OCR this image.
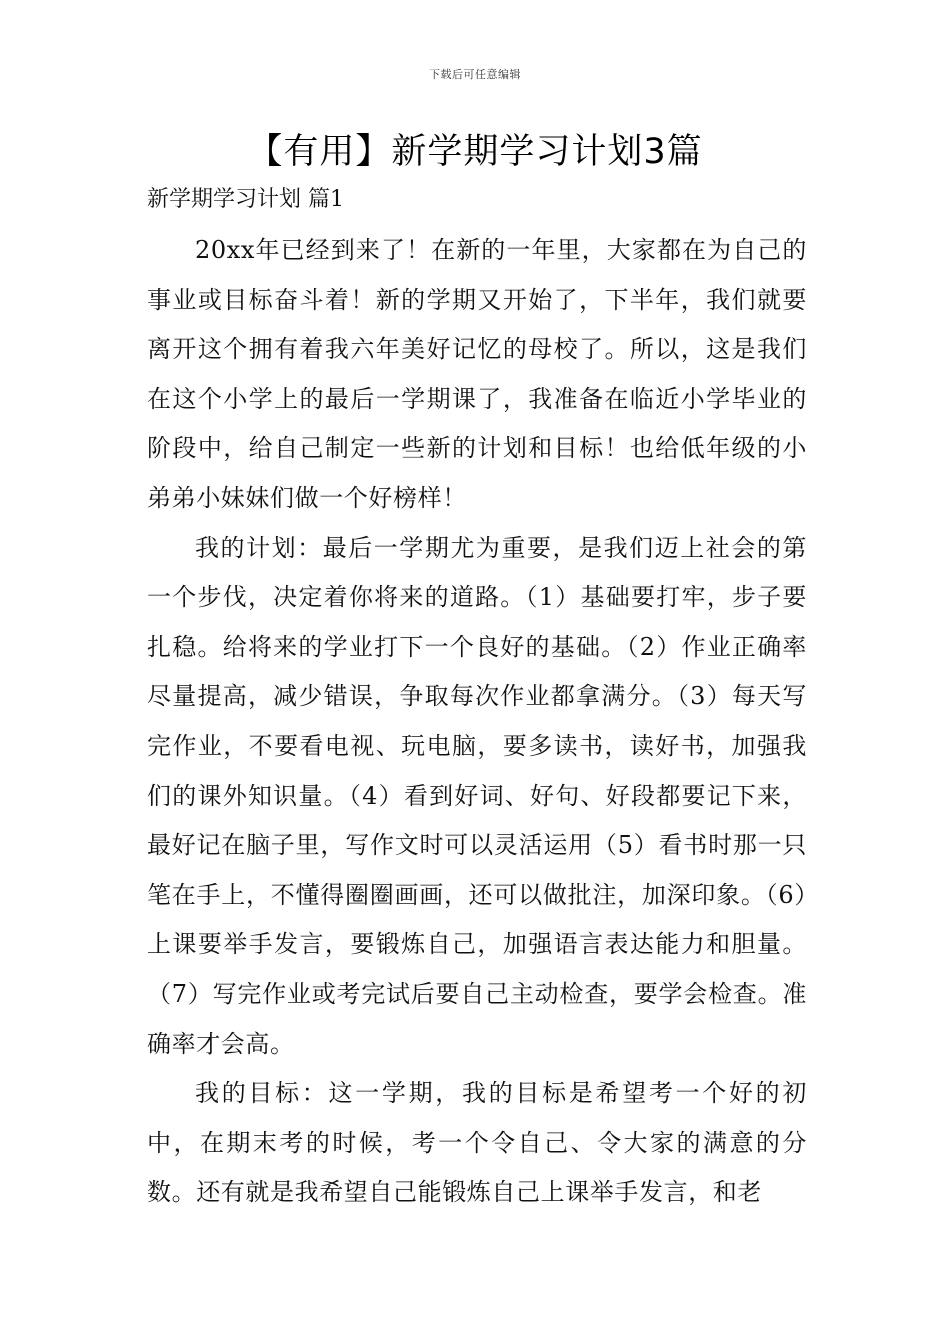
下载后可任意编辑
【有用】新学期学习计划3篇
新学期学习计划 篇1

20xx年已经到来了！在新的一年里，大家都在为自己的事业或目标奋斗着！新的学期又开始了，下半年，我们就要离开这个拥有着我六年美好记忆的母校了。所以，这是我们在这个小学上的最后一学期课了，我准备在临近小学毕业的阶段中，给自己制定一些新的计划和目标！也给低年级的小弟弟小妹妹们做一个好榜样！

我的计划：最后一学期尤为重要，是我们迈上社会的第一个步伐，决定着你将来的道路。（1）基础要打牢，步子要扎稳。给将来的学业打下一个良好的基础。（2）作业正确率尽量提高，减少错误，争取每次作业都拿满分。（3）每天写完作业，不要看电视、玩电脑，要多读书，读好书，加强我们的课外知识量。（4）看到好词、好句、好段都要记下来，最好记在脑子里，写作文时可以灵活运用（5）看书时那一只笔在手上，不懂得圈圈画画，还可以做批注，加深印象。（6）上课要举手发言，要锻炼自己，加强语言表达能力和胆量。（7）写完作业或考完试后要自己主动检查，要学会检查。准确率才会高。

我的目标：这一学期，我的目标是希望考一个好的初中，在期末考的时候，考一个令自己、令大家的满意的分数。还有就是我希望自己能锻炼自己上课举手发言，和老
